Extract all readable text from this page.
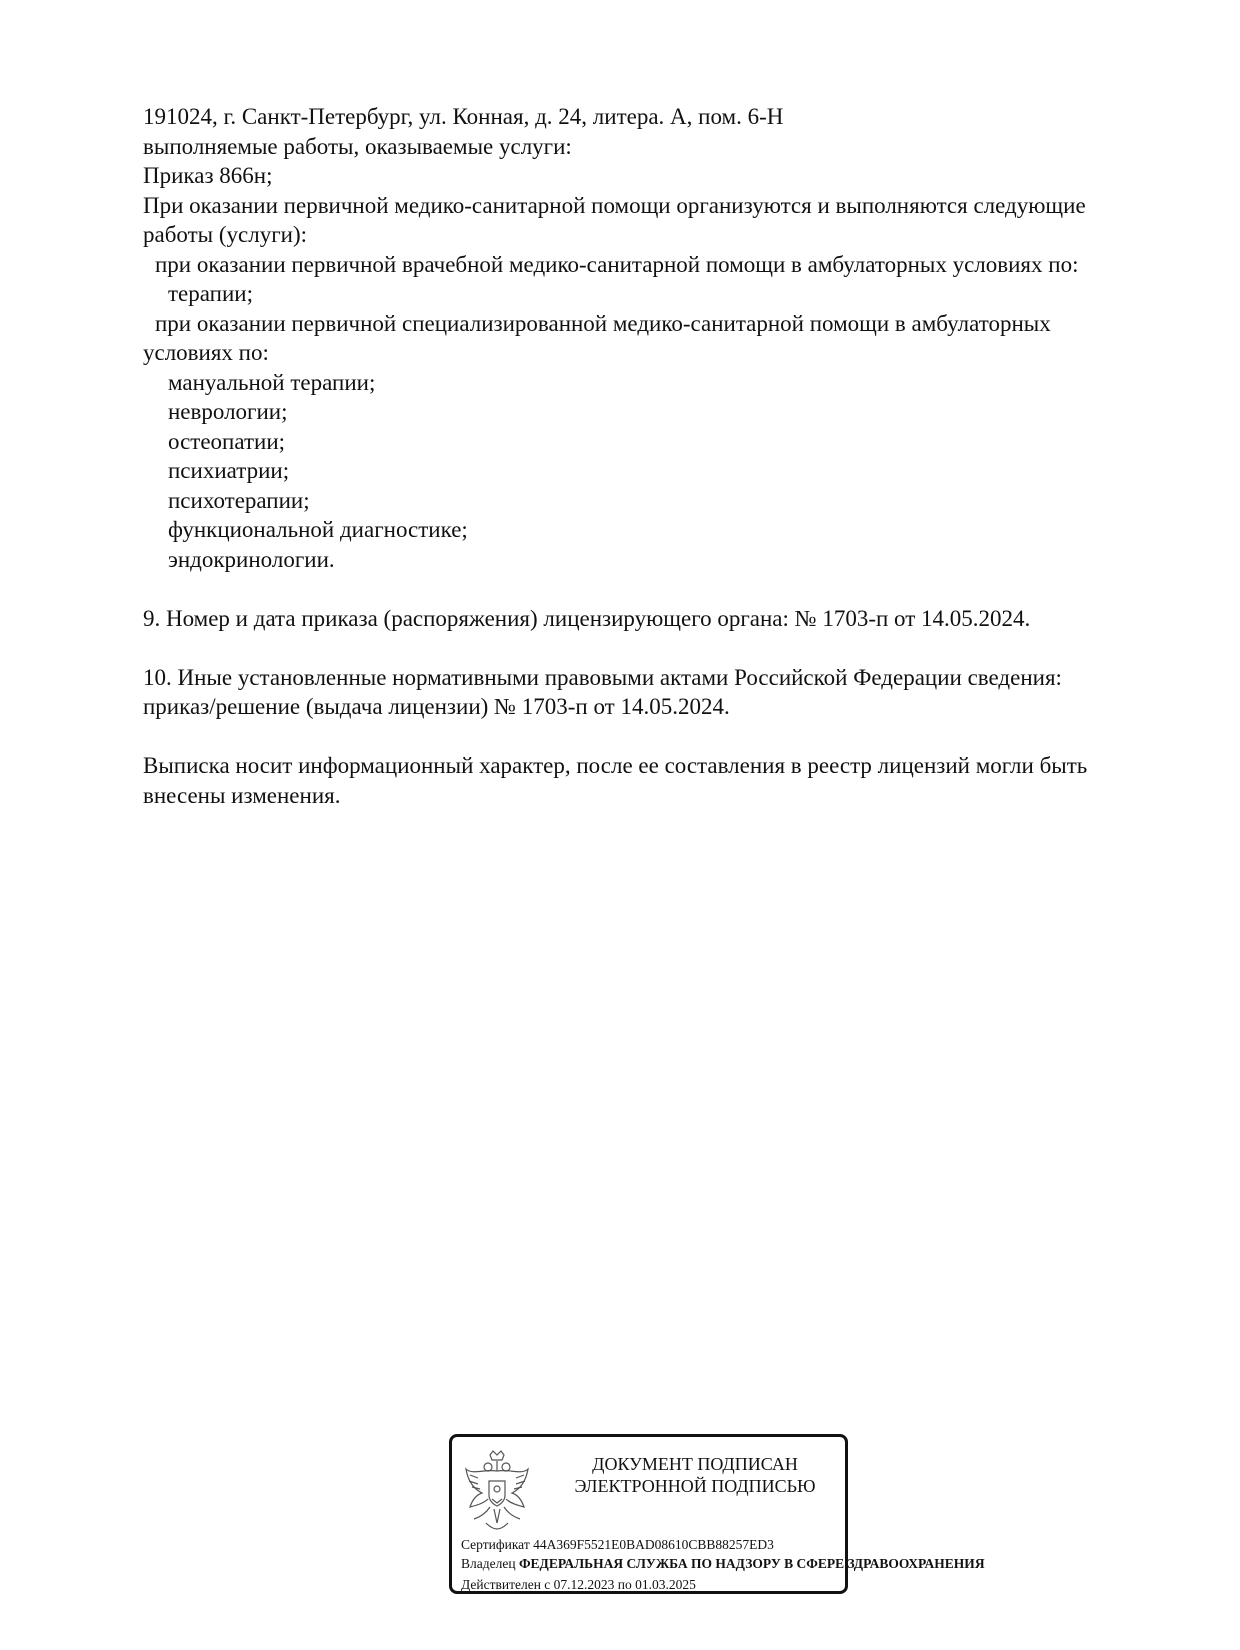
191024, г. Санкт-Петербург, ул. Конная, д. 24, литера. А, пом. 6-Н
выполняемые работы, оказываемые услуги:
Приказ 866н;
При оказании первичной медико-санитарной помощи организуются и выполняются следующие
работы (услуги):
при оказании первичной врачебной медико-санитарной помощи в амбулаторных условиях по:
терапии;
при оказании первичной специализированной медико-санитарной помощи в амбулаторных
условиях по:
мануальной терапии;
неврологии;
остеопатии;
психиатрии;
психотерапии;
функциональной диагностике;
эндокринологии.
9. Номер и дата приказа (распоряжения) лицензирующего органа: № 1703-п от 14.05.2024.
10. Иные установленные нормативными правовыми актами Российской Федерации сведения:
приказ/решение (выдача лицензии) № 1703-п от 14.05.2024.
Выписка носит информационный характер, после ее составления в реестр лицензий могли быть
внесены изменения.
ДОКУМЕНТ ПОДПИСАН
ЭЛЕКТРОННОЙ ПОДПИСЬЮ
Сертификат 44A369F5521E0BAD08610CBB88257ED3
Владелец ФЕДЕРАЛЬНАЯ СЛУЖБА ПО НАДЗОРУ В СФЕРЕ ЗДРАВООХРАНЕНИЯ
Действителен с 07.12.2023 по 01.03.2025
